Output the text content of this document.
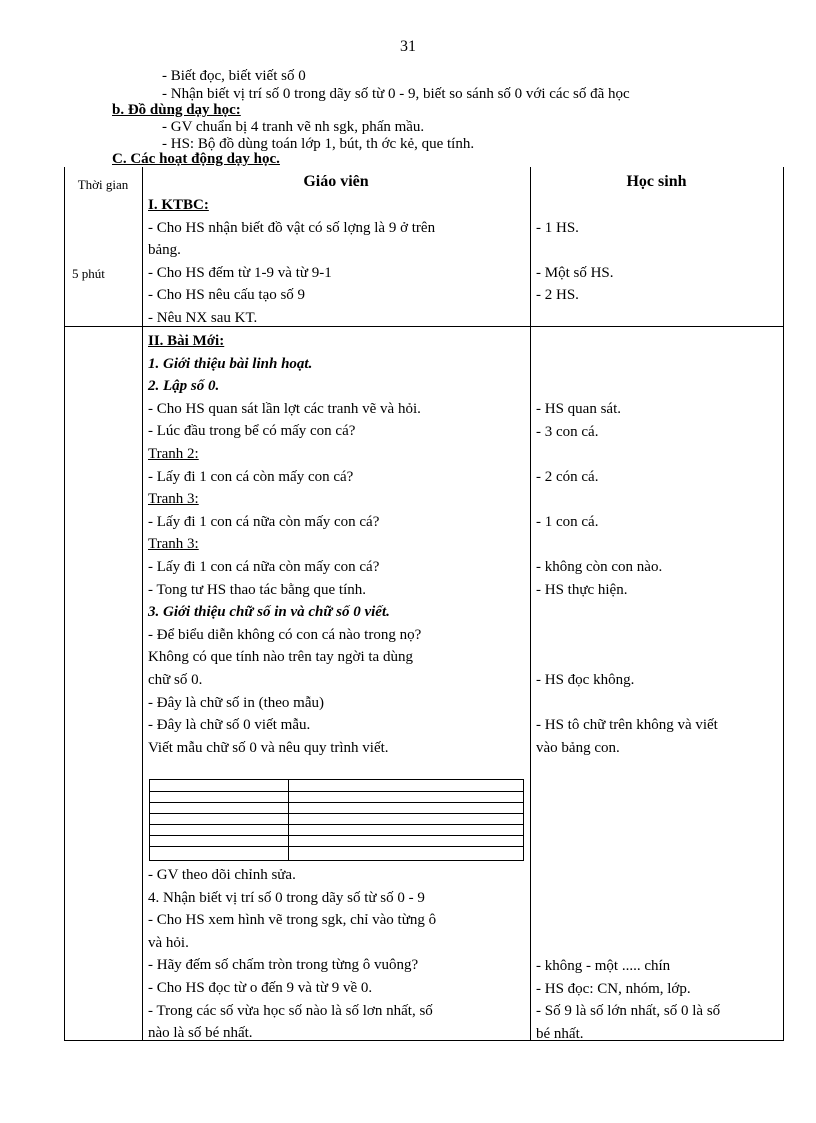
31
- Biết đọc, biết viết số 0
- Nhận biết vị trí số 0 trong dãy số từ 0 - 9, biết so sánh số 0 với các số đã học
b. Đồ dùng dạy học:
- GV chuẩn bị 4 tranh vẽ nh sgk, phấn mầu.
- HS: Bộ đồ dùng toán lớp 1, bút, th ớc kẻ, que tính.
C. Các hoạt động dạy học.
Thời gian	Giáo viên	Học sinh
5 phút
I. KTBC:
- Cho HS nhận biết đồ vật có số lợng là 9 ở trên
bảng.
- Cho HS đếm từ 1-9 và từ 9-1
- Cho HS nêu cấu tạo số 9
- Nêu NX sau KT.
- 1 HS.
- Một số HS.
- 2 HS.
II. Bài Mới:
1. Giới thiệu bài linh hoạt.
2. Lập số 0.
- Cho HS quan sát lần lợt các tranh vẽ và hỏi.
- Lúc đầu trong bể có mấy con cá?
Tranh 2:
- Lấy đi 1 con cá còn mấy con cá?
Tranh 3:
- Lấy đi 1 con cá nữa còn mấy con cá?
Tranh 3:
- Lấy đi 1 con cá nữa còn mấy con cá?
- Tong tư HS thao tác bằng que tính.
3. Giới thiệu chữ số in và chữ số 0 viết.
- Để biểu diễn không có con cá nào trong nọ?
Không có que tính nào trên tay ngời ta dùng
chữ số 0.
- Đây là chữ số in (theo mẫu)
- Đây là chữ số 0 viết mẫu.
Viết mẫu chữ số 0 và nêu quy trình viết.
- GV theo dõi chỉnh sửa.
4. Nhận biết vị trí số 0 trong dãy số từ số 0 - 9
- Cho HS xem hình vẽ trong sgk, chỉ vào từng ô
và hỏi.
- Hãy đếm số chấm tròn trong từng ô vuông?
- Cho HS đọc từ o đến 9 và từ 9 về 0.
- Trong các số vừa học số nào là số lơn nhất, số
nào là số bé nhất.
- HS quan sát.
- 3 con cá.
- 2 cón cá.
- 1 con cá.
- không còn con nào.
- HS thực hiện.
- HS đọc không.
- HS tô chữ trên không và viết
vào bảng con.
- không - một ..... chín
- HS đọc: CN, nhóm, lớp.
- Số 9 là số lớn nhất, số 0 là số
bé nhất.
